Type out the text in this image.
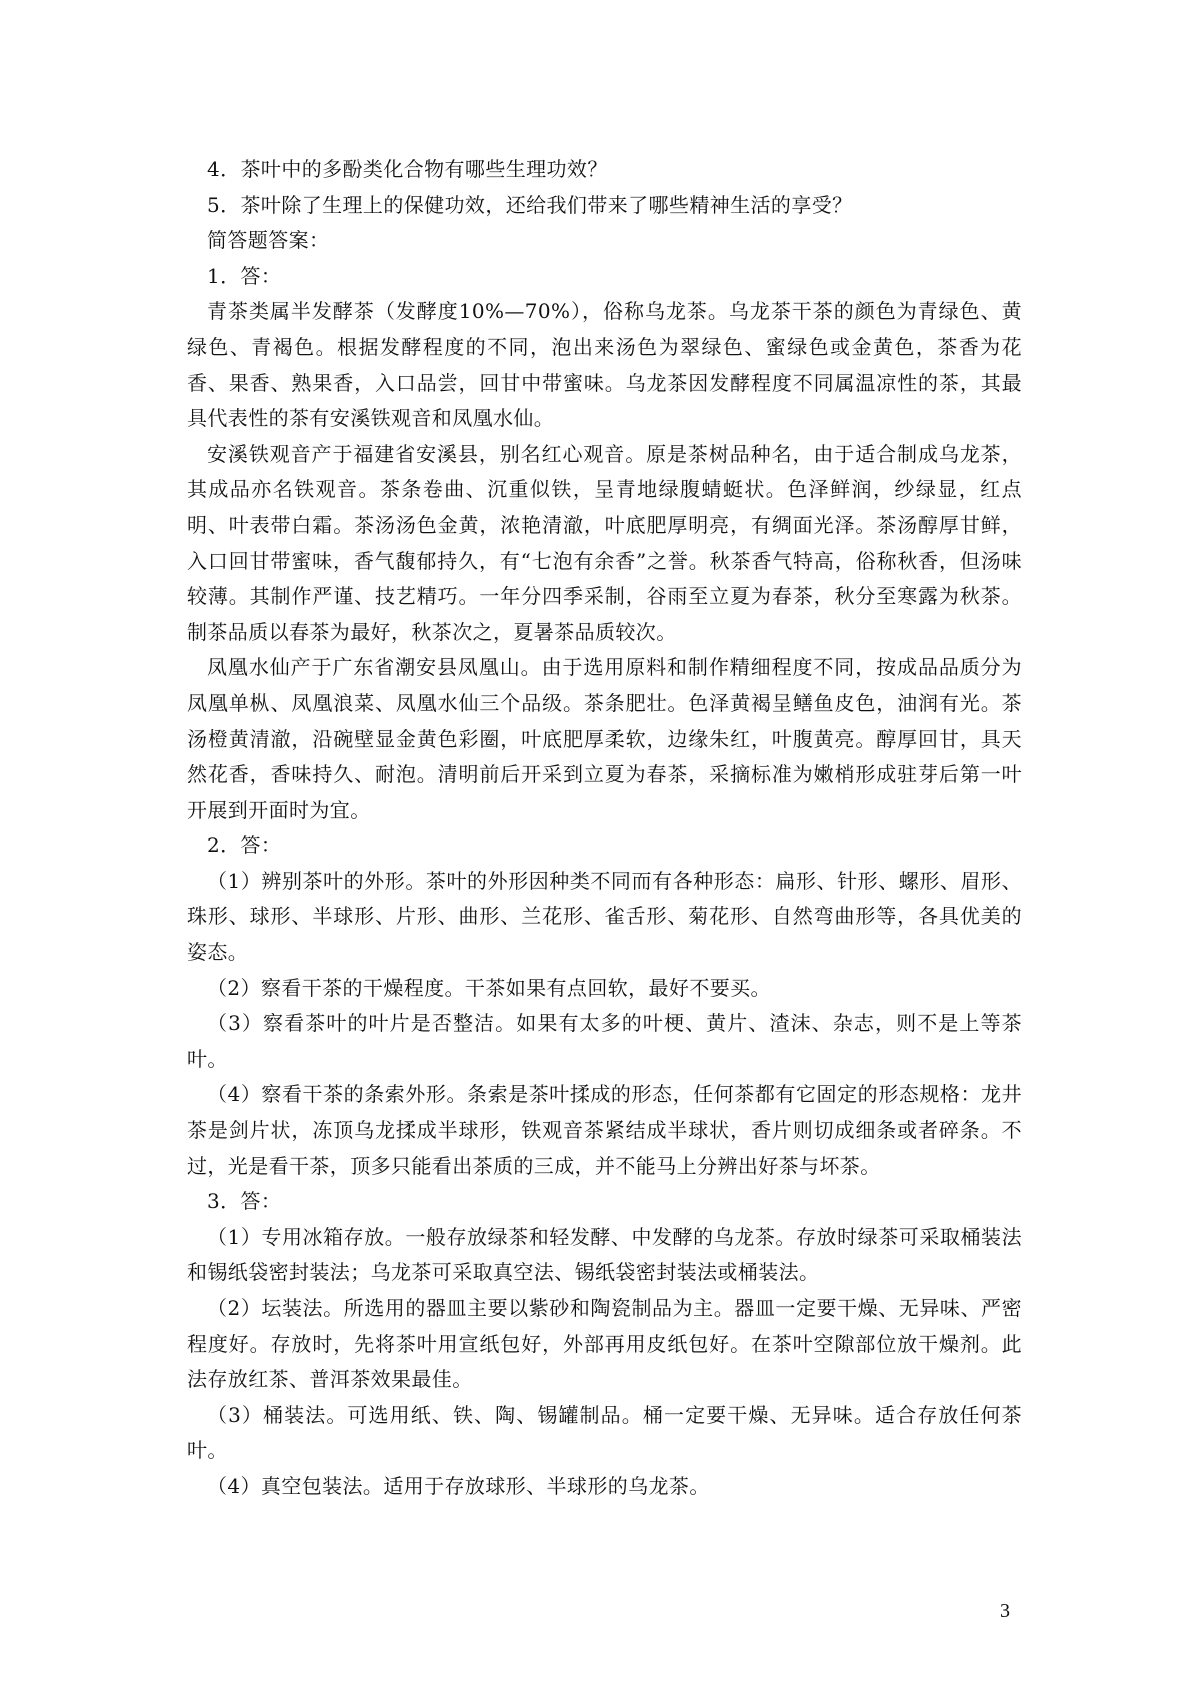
4．茶叶中的多酚类化合物有哪些生理功效？

5．茶叶除了生理上的保健功效，还给我们带来了哪些精神生活的享受？

简答题答案：

1．答：

青茶类属半发酵茶（发酵度10%—70%），俗称乌龙茶。乌龙茶干茶的颜色为青绿色、黄绿色、青褐色。根据发酵程度的不同，泡出来汤色为翠绿色、蜜绿色或金黄色，茶香为花香、果香、熟果香，入口品尝，回甘中带蜜味。乌龙茶因发酵程度不同属温凉性的茶，其最具代表性的茶有安溪铁观音和凤凰水仙。

安溪铁观音产于福建省安溪县，别名红心观音。原是茶树品种名，由于适合制成乌龙茶，其成品亦名铁观音。茶条卷曲、沉重似铁，呈青地绿腹蜻蜓状。色泽鲜润，纱绿显，红点明、叶表带白霜。茶汤汤色金黄，浓艳清澈，叶底肥厚明亮，有绸面光泽。茶汤醇厚甘鲜，入口回甘带蜜味，香气馥郁持久，有“七泡有余香”之誉。秋茶香气特高，俗称秋香，但汤味较薄。其制作严谨、技艺精巧。一年分四季采制，谷雨至立夏为春茶，秋分至寒露为秋茶。制茶品质以春茶为最好，秋茶次之，夏暑茶品质较次。

凤凰水仙产于广东省潮安县凤凰山。由于选用原料和制作精细程度不同，按成品品质分为凤凰单枞、凤凰浪菜、凤凰水仙三个品级。茶条肥壮。色泽黄褐呈鳝鱼皮色，油润有光。茶汤橙黄清澈，沿碗壁显金黄色彩圈，叶底肥厚柔软，边缘朱红，叶腹黄亮。醇厚回甘，具天然花香，香味持久、耐泡。清明前后开采到立夏为春茶，采摘标准为嫩梢形成驻芽后第一叶开展到开面时为宜。

2．答：

（1）辨别茶叶的外形。茶叶的外形因种类不同而有各种形态：扁形、针形、螺形、眉形、珠形、球形、半球形、片形、曲形、兰花形、雀舌形、菊花形、自然弯曲形等，各具优美的姿态。

（2）察看干茶的干燥程度。干茶如果有点回软，最好不要买。

（3）察看茶叶的叶片是否整洁。如果有太多的叶梗、黄片、渣沫、杂志，则不是上等茶叶。

（4）察看干茶的条索外形。条索是茶叶揉成的形态，任何茶都有它固定的形态规格：龙井茶是剑片状，冻顶乌龙揉成半球形，铁观音茶紧结成半球状，香片则切成细条或者碎条。不过，光是看干茶，顶多只能看出茶质的三成，并不能马上分辨出好茶与坏茶。

3．答：

（1）专用冰箱存放。一般存放绿茶和轻发酵、中发酵的乌龙茶。存放时绿茶可采取桶装法和锡纸袋密封装法；乌龙茶可采取真空法、锡纸袋密封装法或桶装法。

（2）坛装法。所选用的器皿主要以紫砂和陶瓷制品为主。器皿一定要干燥、无异味、严密程度好。存放时，先将茶叶用宣纸包好，外部再用皮纸包好。在茶叶空隙部位放干燥剂。此法存放红茶、普洱茶效果最佳。

（3）桶装法。可选用纸、铁、陶、锡罐制品。桶一定要干燥、无异味。适合存放任何茶叶。

（4）真空包装法。适用于存放球形、半球形的乌龙茶。

3
